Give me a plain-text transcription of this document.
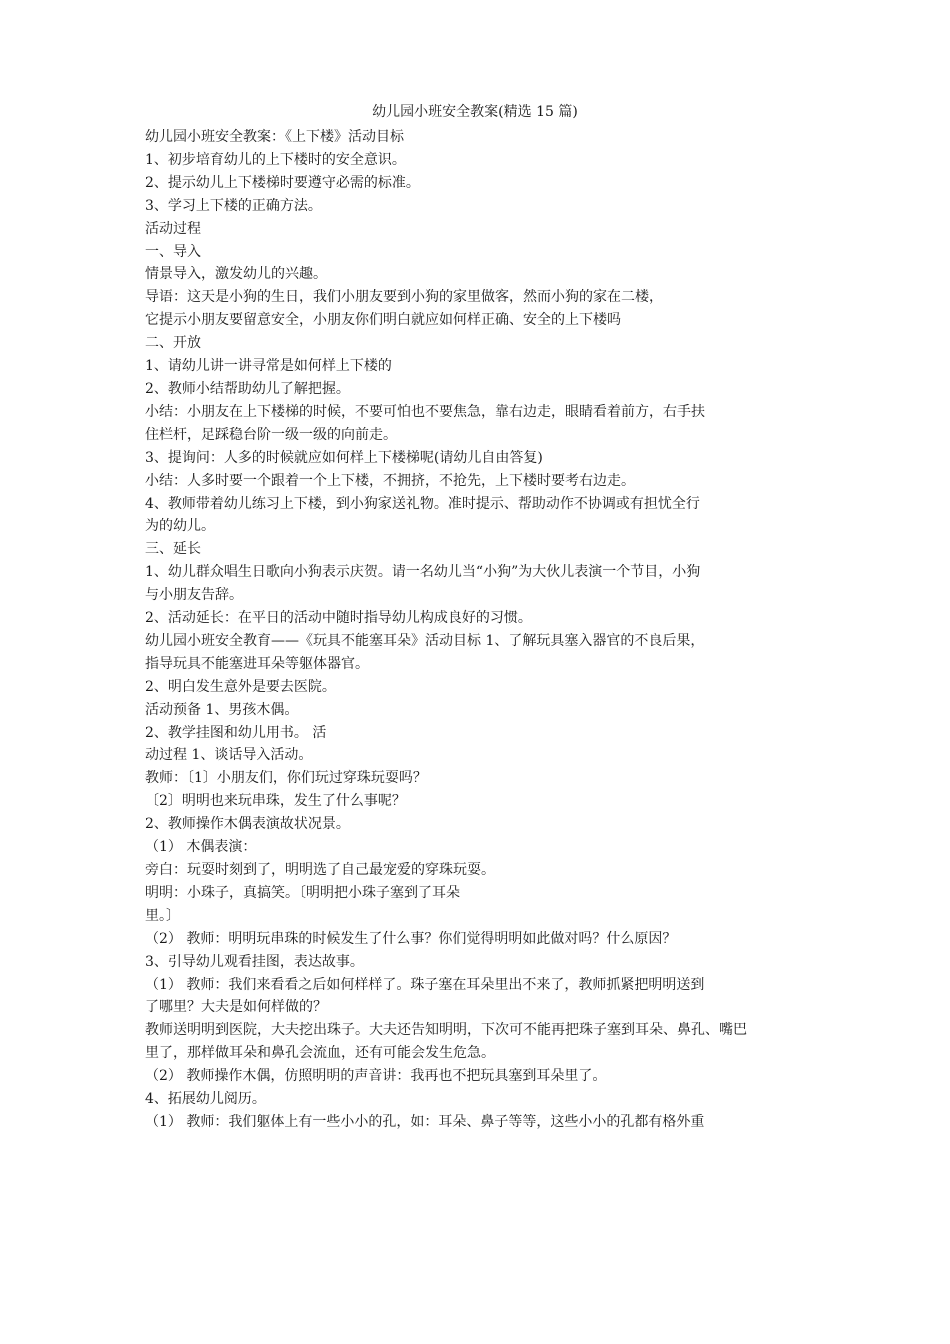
幼儿园小班安全教案(精选 15 篇)
幼儿园小班安全教案：《上下楼》活动目标
1、初步培育幼儿的上下楼时的安全意识。
2、提示幼儿上下楼梯时要遵守必需的标准。
3、学习上下楼的正确方法。
活动过程
一、导入
情景导入，激发幼儿的兴趣。
导语：这天是小狗的生日，我们小朋友要到小狗的家里做客，然而小狗的家在二楼，
它提示小朋友要留意安全，小朋友你们明白就应如何样正确、安全的上下楼吗
二、开放
1、请幼儿讲一讲寻常是如何样上下楼的
2、教师小结帮助幼儿了解把握。
小结：小朋友在上下楼梯的时候，不要可怕也不要焦急，靠右边走，眼睛看着前方，右手扶
住栏杆，足踩稳台阶一级一级的向前走。
3、提询问：人多的时候就应如何样上下楼梯呢(请幼儿自由答复)
小结：人多时要一个跟着一个上下楼，不拥挤，不抢先，上下楼时要考右边走。
4、教师带着幼儿练习上下楼，到小狗家送礼物。准时提示、帮助动作不协调或有担忧全行
为的幼儿。
三、延长
1、幼儿群众唱生日歌向小狗表示庆贺。请一名幼儿当“小狗”为大伙儿表演一个节目，小狗
与小朋友告辞。
2、活动延长：在平日的活动中随时指导幼儿构成良好的习惯。
幼儿园小班安全教育——《玩具不能塞耳朵》活动目标 1、了解玩具塞入器官的不良后果，
指导玩具不能塞进耳朵等躯体器官。
2、明白发生意外是要去医院。
活动预备 1、男孩木偶。
2、教学挂图和幼儿用书。 活
动过程 1、谈话导入活动。
教师：〔1〕小朋友们，你们玩过穿珠玩耍吗？
〔2〕明明也来玩串珠，发生了什么事呢？
2、教师操作木偶表演故状况景。
（1） 木偶表演：
旁白：玩耍时刻到了，明明选了自己最宠爱的穿珠玩耍。
明明：小珠子，真搞笑。〔明明把小珠子塞到了耳朵
里。〕
（2） 教师：明明玩串珠的时候发生了什么事？你们觉得明明如此做对吗？什么原因？
3、引导幼儿观看挂图，表达故事。
（1） 教师：我们来看看之后如何样样了。珠子塞在耳朵里出不来了，教师抓紧把明明送到
了哪里？大夫是如何样做的？
教师送明明到医院，大夫挖出珠子。大夫还告知明明，下次可不能再把珠子塞到耳朵、鼻孔、嘴巴
里了，那样做耳朵和鼻孔会流血，还有可能会发生危急。
（2） 教师操作木偶，仿照明明的声音讲：我再也不把玩具塞到耳朵里了。
4、拓展幼儿阅历。
（1） 教师：我们躯体上有一些小小的孔，如：耳朵、鼻子等等，这些小小的孔都有格外重
